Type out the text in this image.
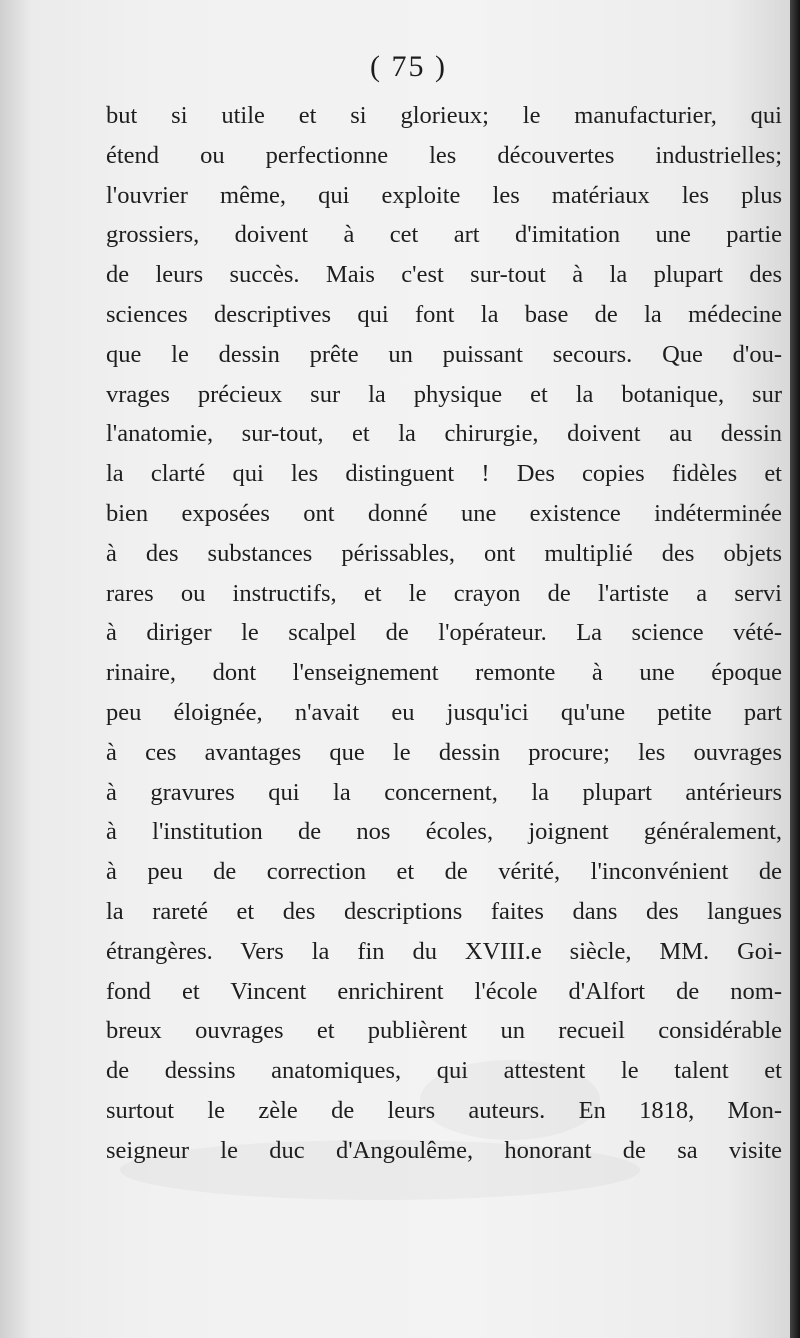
( 75 )
but si utile et si glorieux; le manufacturier, qui
étend ou perfectionne les découvertes industrielles;
l'ouvrier même, qui exploite les matériaux les plus
grossiers, doivent à cet art d'imitation une partie
de leurs succès. Mais c'est sur-tout à la plupart des
sciences descriptives qui font la base de la médecine
que le dessin prête un puissant secours. Que d'ou-
vrages précieux sur la physique et la botanique, sur
l'anatomie, sur-tout, et la chirurgie, doivent au dessin
la clarté qui les distinguent ! Des copies fidèles et
bien exposées ont donné une existence indéterminée
à des substances périssables, ont multiplié des objets
rares ou instructifs, et le crayon de l'artiste a servi
à diriger le scalpel de l'opérateur. La science vété-
rinaire, dont l'enseignement remonte à une époque
peu éloignée, n'avait eu jusqu'ici qu'une petite part
à ces avantages que le dessin procure; les ouvrages
à gravures qui la concernent, la plupart antérieurs
à l'institution de nos écoles, joignent généralement,
à peu de correction et de vérité, l'inconvénient de
la rareté et des descriptions faites dans des langues
étrangères. Vers la fin du XVIII.e siècle, MM. Goi-
fond et Vincent enrichirent l'école d'Alfort de nom-
breux ouvrages et publièrent un recueil considérable
de dessins anatomiques, qui attestent le talent et
surtout le zèle de leurs auteurs. En 1818, Mon-
seigneur le duc d'Angoulême, honorant de sa visite
